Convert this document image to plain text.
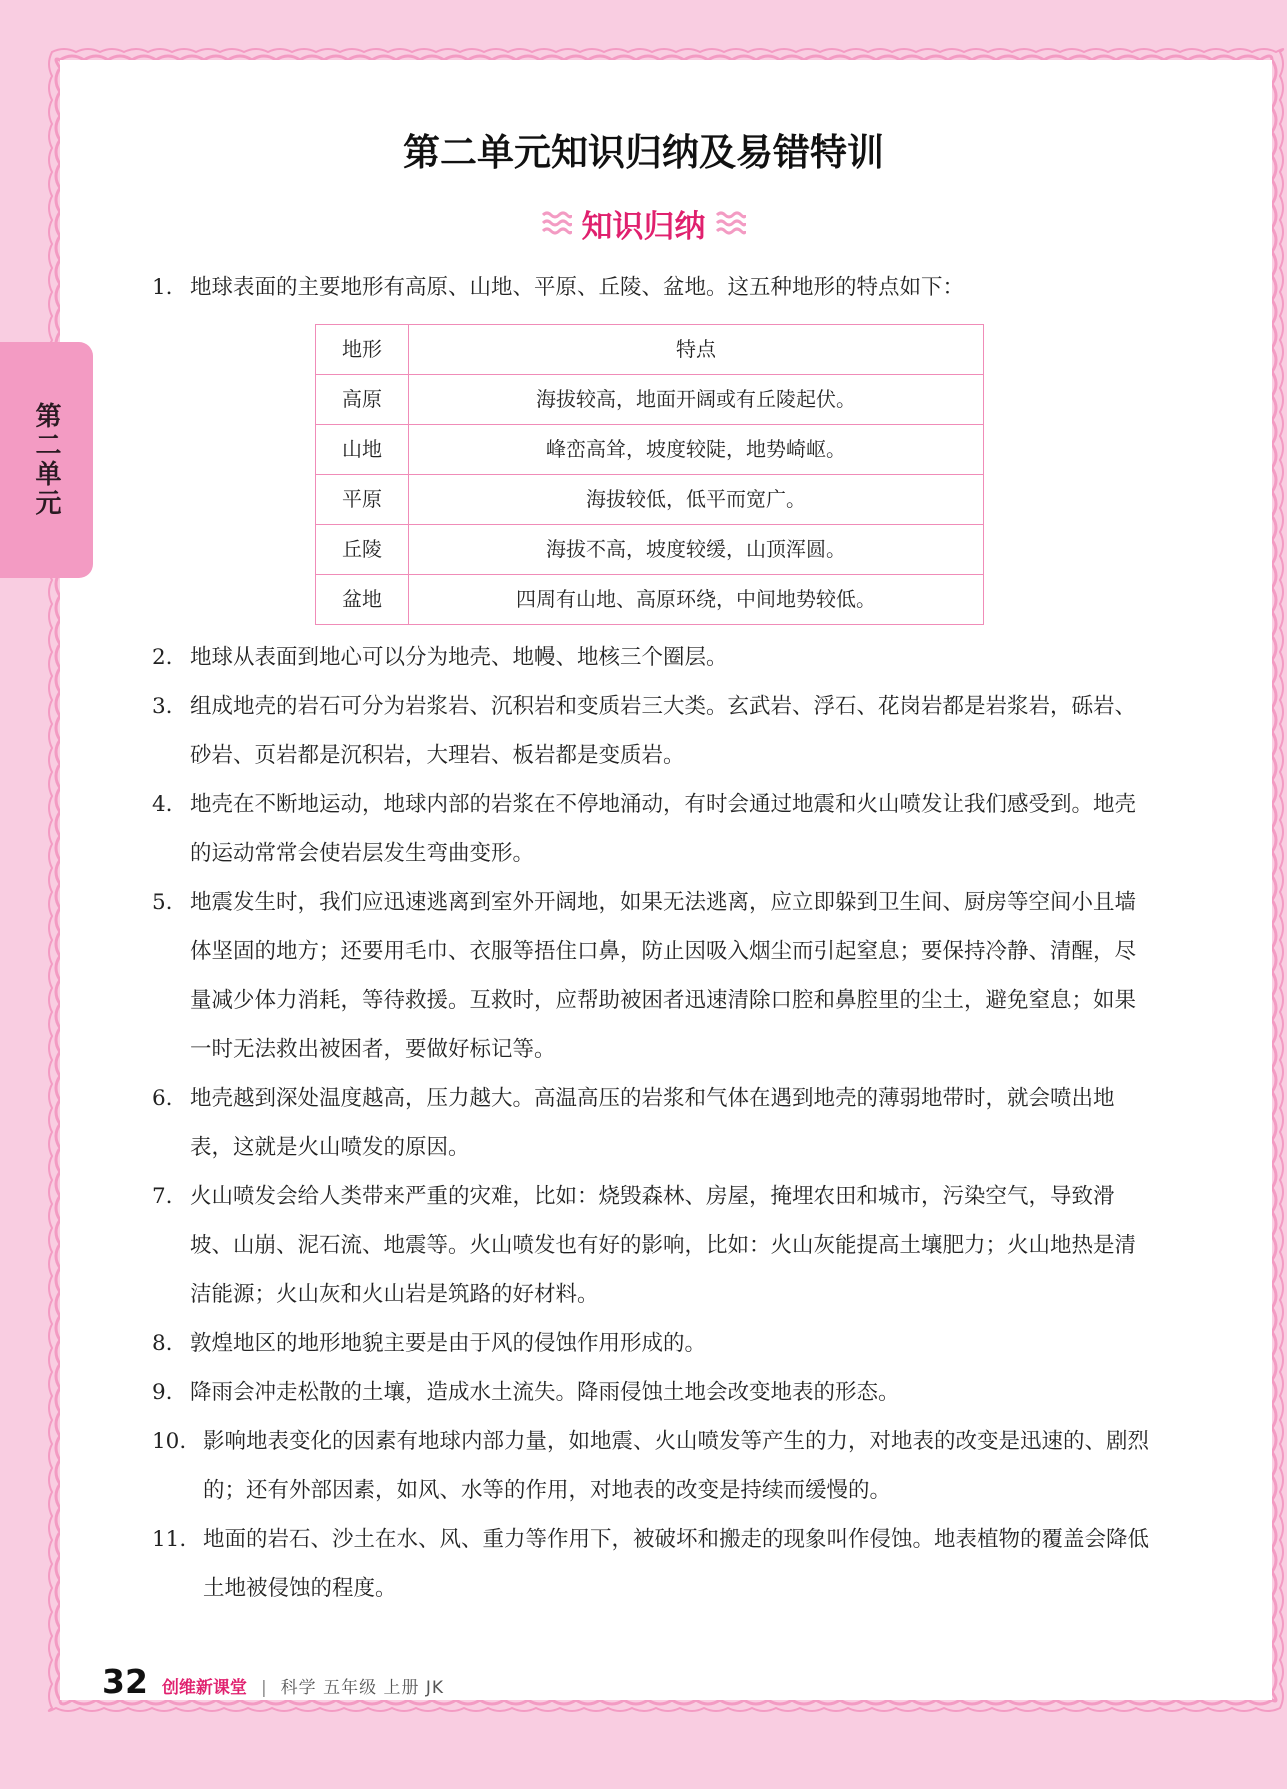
第二单元
第二单元知识归纳及易错特训
知识归纳
1. 地球表面的主要地形有高原、山地、平原、丘陵、盆地。这五种地形的特点如下：
地形	特点
高原	海拔较高，地面开阔或有丘陵起伏。
山地	峰峦高耸，坡度较陡，地势崎岖。
平原	海拔较低，低平而宽广。
丘陵	海拔不高，坡度较缓，山顶浑圆。
盆地	四周有山地、高原环绕，中间地势较低。
2. 地球从表面到地心可以分为地壳、地幔、地核三个圈层。
3. 组成地壳的岩石可分为岩浆岩、沉积岩和变质岩三大类。玄武岩、浮石、花岗岩都是岩浆岩，砾岩、砂岩、页岩都是沉积岩，大理岩、板岩都是变质岩。
4. 地壳在不断地运动，地球内部的岩浆在不停地涌动，有时会通过地震和火山喷发让我们感受到。地壳的运动常常会使岩层发生弯曲变形。
5. 地震发生时，我们应迅速逃离到室外开阔地，如果无法逃离，应立即躲到卫生间、厨房等空间小且墙体坚固的地方；还要用毛巾、衣服等捂住口鼻，防止因吸入烟尘而引起窒息；要保持冷静、清醒，尽量减少体力消耗，等待救援。互救时，应帮助被困者迅速清除口腔和鼻腔里的尘土，避免窒息；如果一时无法救出被困者，要做好标记等。
6. 地壳越到深处温度越高，压力越大。高温高压的岩浆和气体在遇到地壳的薄弱地带时，就会喷出地表，这就是火山喷发的原因。
7. 火山喷发会给人类带来严重的灾难，比如：烧毁森林、房屋，掩埋农田和城市，污染空气，导致滑坡、山崩、泥石流、地震等。火山喷发也有好的影响，比如：火山灰能提高土壤肥力；火山地热是清洁能源；火山灰和火山岩是筑路的好材料。
8. 敦煌地区的地形地貌主要是由于风的侵蚀作用形成的。
9. 降雨会冲走松散的土壤，造成水土流失。降雨侵蚀土地会改变地表的形态。
10. 影响地表变化的因素有地球内部力量，如地震、火山喷发等产生的力，对地表的改变是迅速的、剧烈的；还有外部因素，如风、水等的作用，对地表的改变是持续而缓慢的。
11. 地面的岩石、沙土在水、风、重力等作用下，被破坏和搬走的现象叫作侵蚀。地表植物的覆盖会降低土地被侵蚀的程度。
32 创维新课堂 | 科学 五年级 上册 JK
